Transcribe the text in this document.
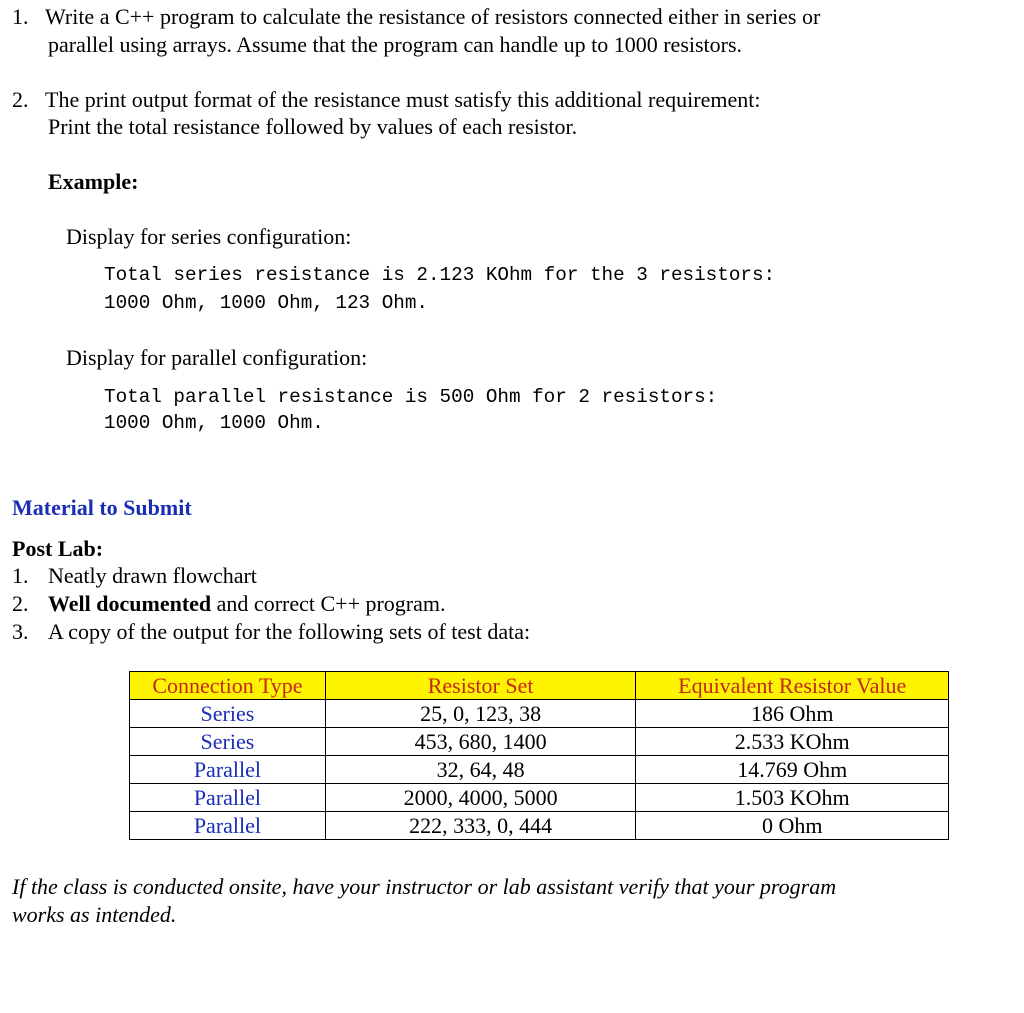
1. Write a C++ program to calculate the resistance of resistors connected either in series or
parallel using arrays. Assume that the program can handle up to 1000 resistors.
2. The print output format of the resistance must satisfy this additional requirement:
Print the total resistance followed by values of each resistor.
Example:
Display for series configuration:
Total series resistance is 2.123 KOhm for the 3 resistors:
1000 Ohm, 1000 Ohm, 123 Ohm.
Display for parallel configuration:
Total parallel resistance is 500 Ohm for 2 resistors:
1000 Ohm, 1000 Ohm.
Material to Submit
Post Lab:
1. Neatly drawn flowchart
2. Well documented and correct C++ program.
3. A copy of the output for the following sets of test data:
Connection Type	Resistor Set	Equivalent Resistor Value
Series	25, 0, 123, 38	186 Ohm
Series	453, 680, 1400	2.533 KOhm
Parallel	32, 64, 48	14.769 Ohm
Parallel	2000, 4000, 5000	1.503 KOhm
Parallel	222, 333, 0, 444	0 Ohm
If the class is conducted onsite, have your instructor or lab assistant verify that your program
works as intended.
